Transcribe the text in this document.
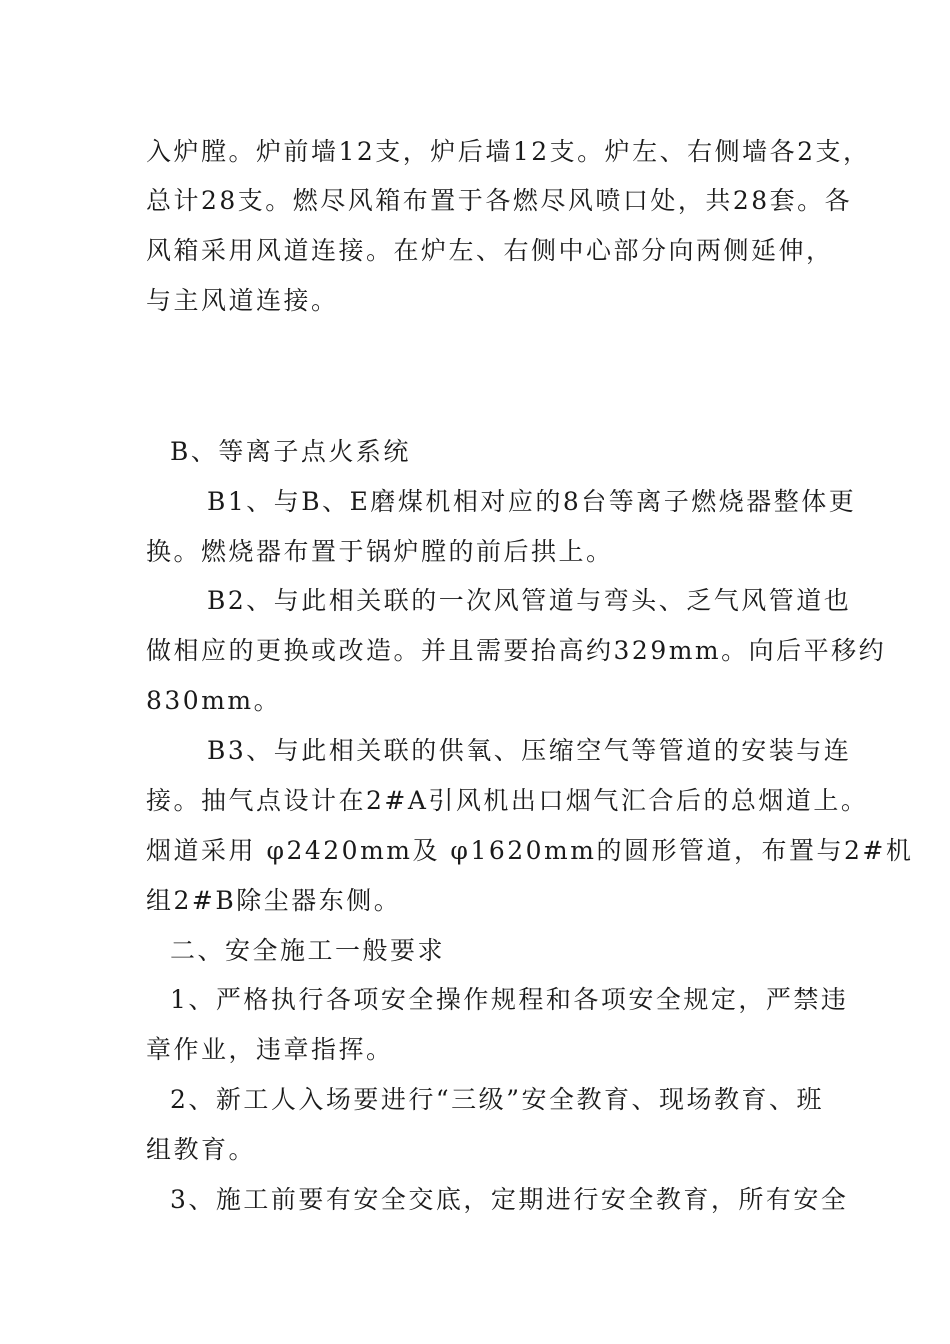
入炉膛。炉前墙12支，炉后墙12支。炉左、右侧墙各2支，
总计28支。燃尽风箱布置于各燃尽风喷口处，共28套。各
风箱采用风道连接。在炉左、右侧中心部分向两侧延伸，
与主风道连接。
B、等离子点火系统
B1、与B、E磨煤机相对应的8台等离子燃烧器整体更
换。燃烧器布置于锅炉膛的前后拱上。
B2、与此相关联的一次风管道与弯头、乏气风管道也
做相应的更换或改造。并且需要抬高约329mm。向后平移约
830mm。
B3、与此相关联的供氧、压缩空气等管道的安装与连
接。抽气点设计在2#A引风机出口烟气汇合后的总烟道上。
烟道采用 φ2420mm及 φ1620mm的圆形管道，布置与2#机
组2#B除尘器东侧。
二、安全施工一般要求
1、严格执行各项安全操作规程和各项安全规定，严禁违
章作业，违章指挥。
2、新工人入场要进行“三级”安全教育、现场教育、班
组教育。
3、施工前要有安全交底，定期进行安全教育，所有安全
